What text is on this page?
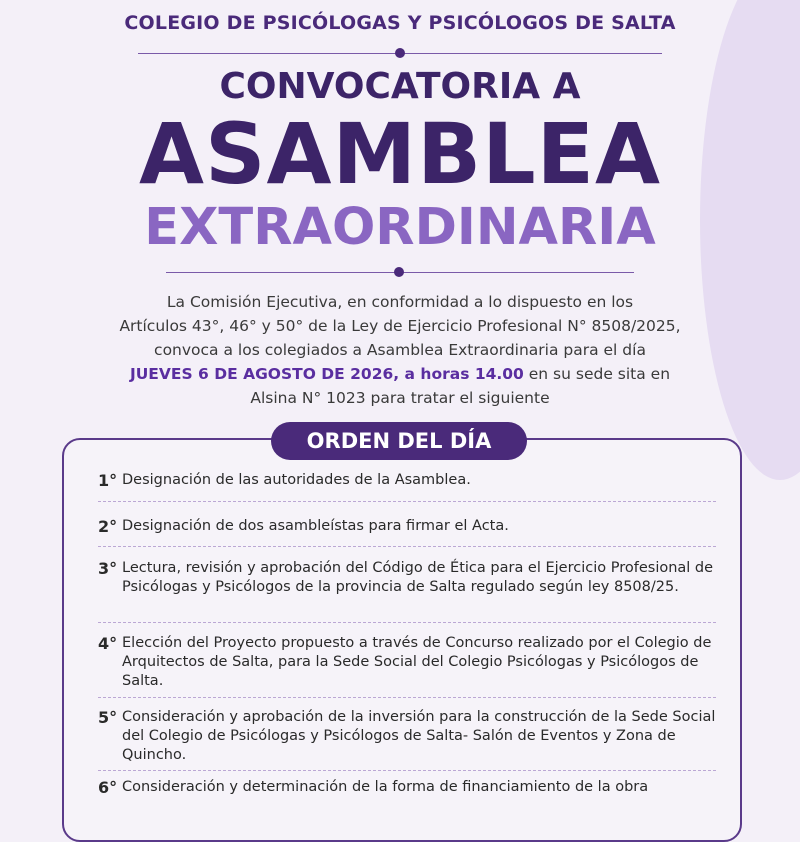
COLEGIO DE PSICÓLOGAS Y PSICÓLOGOS DE SALTA
CONVOCATORIA A
ASAMBLEA
EXTRAORDINARIA
La Comisión Ejecutiva, en conformidad a lo dispuesto en los
Artículos 43°, 46° y 50° de la Ley de Ejercicio Profesional N° 8508/2025,
convoca a los colegiados a Asamblea Extraordinaria para el día
JUEVES 6 DE AGOSTO DE 2026, a horas 14.00 en su sede sita en
Alsina N° 1023 para tratar el siguiente
ORDEN DEL DÍA
1° Designación de las autoridades de la Asamblea.
2° Designación de dos asambleístas para firmar el Acta.
3° Lectura, revisión y aprobación del Código de Ética para el Ejercicio Profesional de Psicólogas y Psicólogos de la provincia de Salta regulado según ley 8508/25.
4° Elección del Proyecto propuesto a través de Concurso realizado por el Colegio de Arquitectos de Salta, para la Sede Social del Colegio Psicólogas y Psicólogos de Salta.
5° Consideración y aprobación de la inversión para la construcción de la Sede Social del Colegio de Psicólogas y Psicólogos de Salta- Salón de Eventos y Zona de Quincho.
6° Consideración y determinación de la forma de financiamiento de la obra
